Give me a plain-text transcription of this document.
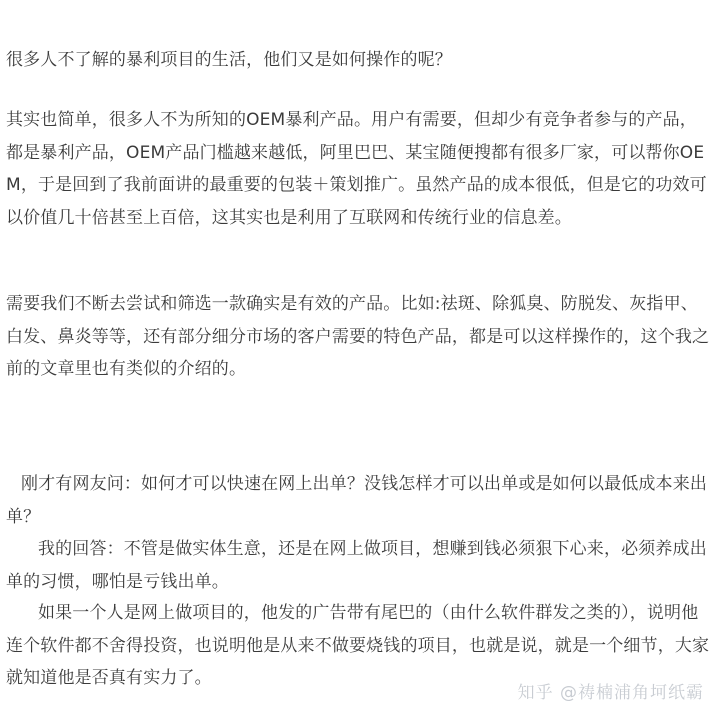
很多人不了解的暴利项目的生活，他们又是如何操作的呢？

其实也简单，很多人不为所知的OEM暴利产品。用户有需要，但却少有竞争者参与的产品，都是暴利产品，OEM产品门槛越来越低，阿里巴巴、某宝随便搜都有很多厂家，可以帮你OEM，于是回到了我前面讲的最重要的包装＋策划推广。虽然产品的成本很低，但是它的功效可以价值几十倍甚至上百倍，这其实也是利用了互联网和传统行业的信息差。

需要我们不断去尝试和筛选一款确实是有效的产品。比如:祛斑、除狐臭、防脱发、灰指甲、白发、鼻炎等等，还有部分细分市场的客户需要的特色产品，都是可以这样操作的，这个我之前的文章里也有类似的介绍的。

刚才有网友问：如何才可以快速在网上出单？没钱怎样才可以出单或是如何以最低成本来出单？

我的回答：不管是做实体生意，还是在网上做项目，想赚到钱必须狠下心来，必须养成出单的习惯，哪怕是亏钱出单。

如果一个人是网上做项目的，他发的广告带有尾巴的（由什么软件群发之类的），说明他连个软件都不舍得投资，也说明他是从来不做要烧钱的项目，也就是说，就是一个细节，大家就知道他是否真有实力了。

知乎 @祷楠浦角坷纸霸
